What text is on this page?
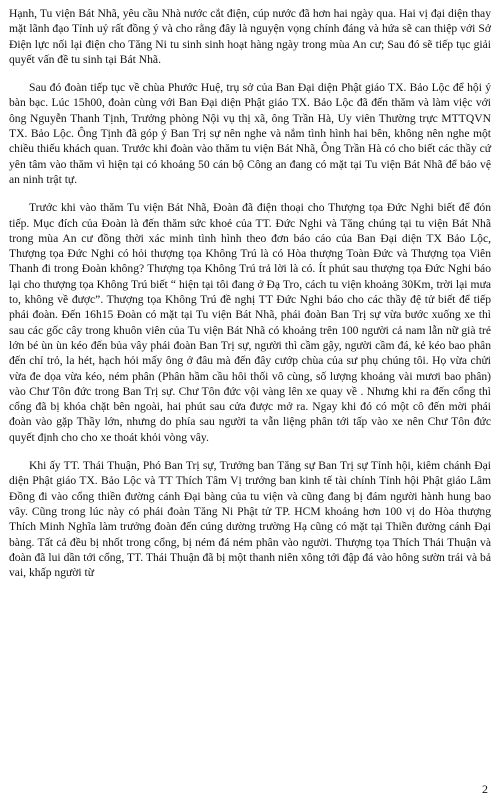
Hạnh, Tu viện Bát Nhã, yêu cầu Nhà nước cắt điện, cúp nước đã hơn hai ngày qua. Hai vị đại diện thay mặt lãnh đạo Tỉnh uỷ rất đồng ý và cho rằng đây là nguyện vọng chính đáng và hứa sẽ can thiệp với Sở Điện lực nối lại điện cho Tăng Ni tu sinh sinh hoạt hàng ngày trong mùa An cư; Sau đó sẽ tiếp tục giải quyết vấn đề tu sinh tại Bát Nhã.

Sau đó đoàn tiếp tục về chùa Phước Huệ, trụ sở của Ban Đại diện Phật giáo TX. Bảo Lộc để hội ý bàn bạc. Lúc 15h00, đoàn cùng với Ban Đại diện Phật giáo TX. Bảo Lộc đã đến thăm và làm việc với ông Nguyễn Thanh Tịnh, Trưởng phòng Nội vụ thị xã, ông Trần Hà, Uy viên Thường trực MTTQVN TX. Bảo Lộc. Ông Tịnh đã góp ý Ban Trị sự nên nghe và nắm tình hình hai bên, không nên nghe một chiều thiếu khách quan. Trước khi đoàn vào thăm tu viện Bát Nhã, Ông Trần Hà có cho biết các thầy cứ yên tâm vào thăm vì hiện tại có khoảng 50 cán bộ Công an đang có mặt tại Tu viện Bát Nhã để bảo vệ an ninh trật tự.

Trước khi vào thăm Tu viện Bát Nhã, Đoàn đã điện thoại cho Thượng tọa Đức Nghi biết để đón tiếp. Mục đích của Đoàn là đến thăm sức khoẻ của TT. Đức Nghi và Tăng chúng tại tu viện Bát Nhã trong mùa An cư đồng thời xác minh tình hình theo đơn báo cáo của Ban Đại diện TX Bảo Lộc, Thượng tọa Đức Nghi có hỏi thượng tọa Không Trú là có Hòa thượng Toàn Đức và Thượng tọa Viên Thanh đi trong Đoàn không? Thượng tọa Không Trú trả lời là có. Ít phút sau thượng tọa Đức Nghi báo lại cho thượng tọa Không Trú biết “ hiện tại tôi đang ở Đạ Tro, cách tu viện khoảng 30Km, trời lại mưa to, không về được”. Thượng tọa Không Trú đề nghị TT Đức Nghi báo cho các thầy đệ tử biết để tiếp phái đoàn. Đến 16h15 Đoàn có mặt tại Tu viện Bát Nhã, phái đoàn Ban Trị sự vừa bước xuống xe thì sau các gốc cây trong khuôn viên của Tu viện Bát Nhã có khoảng trên 100 người cả nam lẫn nữ già trẻ lớn bé ùn ùn kéo đến bủa vây phái đoàn Ban Trị sự, người thì cầm gậy, người cầm đá, kẻ kéo bao phân đến chỉ trỏ, la hét, hạch hỏi mấy ông ở đâu mà đến đây cướp chùa của sư phụ chúng tôi. Họ vừa chửi vừa đe dọa vừa kéo, ném phân (Phân hầm cầu hôi thối vô cùng, số lượng khoảng vài mươi bao phân) vào Chư Tôn đức trong Ban Trị sự. Chư Tôn đức vội vàng lên xe quay về . Nhưng khi ra đến cổng thì cổng đã bị khóa chặt bên ngoài, hai phút sau cửa được mở ra. Ngay khi đó có một cô đến mời phái đoàn vào gặp Thầy lớn, nhưng do phía sau người ta vẫn liệng phân tới tấp vào xe nên Chư Tôn đức quyết định cho cho xe thoát khỏi vòng vây.

Khi ấy TT. Thái Thuận, Phó Ban Trị sự, Trưởng ban Tăng sự Ban Trị sự Tỉnh hội, kiêm chánh Đại diện Phật giáo TX. Bảo Lộc và TT Thích Tâm Vị trưởng ban kinh tế tài chính Tỉnh hội Phật giáo Lâm Đồng đi vào cổng thiền đường cánh Đại bàng của tu viện và cũng đang bị đám người hành hung bao vây. Cũng trong lúc này có phái đoàn Tăng Ni Phật tử TP. HCM khoảng hơn 100 vị do Hòa thượng Thích Minh Nghĩa làm trưởng đoàn đến cúng dường trường Hạ cũng có mặt tại Thiền đường cánh Đại bàng. Tất cả đều bị nhốt trong cổng, bị ném đá ném phân vào người. Thượng tọa Thích Thái Thuận và đoàn đã lui dần tới cổng, TT. Thái Thuận đã bị một thanh niên xông tới đập đá vào hông sườn trái và bả vai, khấp người từ

2
